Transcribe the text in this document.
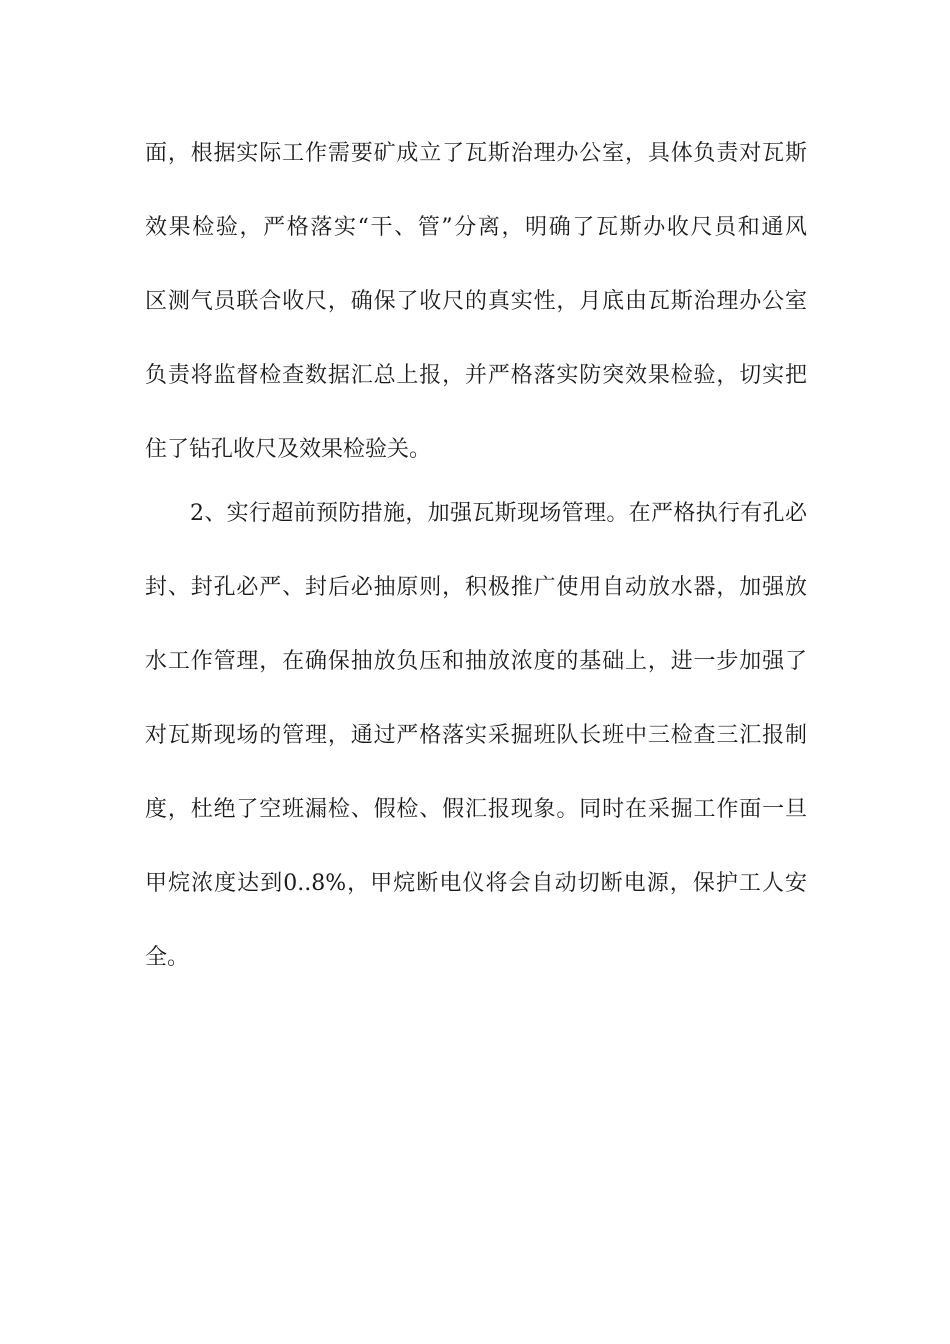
面，根据实际工作需要矿成立了瓦斯治理办公室，具体负责对瓦斯
效果检验，严格落实“干、管”分离，明确了瓦斯办收尺员和通风
区测气员联合收尺，确保了收尺的真实性，月底由瓦斯治理办公室
负责将监督检查数据汇总上报，并严格落实防突效果检验，切实把
住了钻孔收尺及效果检验关。
2、实行超前预防措施，加强瓦斯现场管理。在严格执行有孔必
封、封孔必严、封后必抽原则，积极推广使用自动放水器，加强放
水工作管理，在确保抽放负压和抽放浓度的基础上，进一步加强了
对瓦斯现场的管理，通过严格落实采掘班队长班中三检查三汇报制
度，杜绝了空班漏检、假检、假汇报现象。同时在采掘工作面一旦
甲烷浓度达到0..8%，甲烷断电仪将会自动切断电源，保护工人安
全。
